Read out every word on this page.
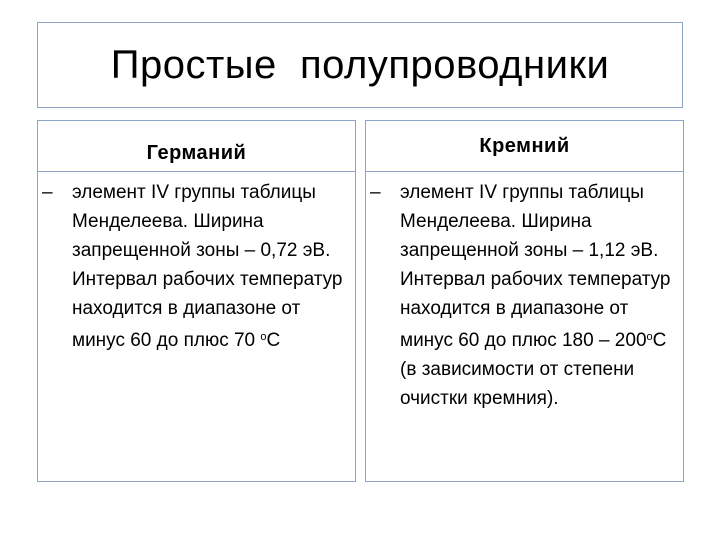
Простые  полупроводники
Германий
– элемент IV группы таблицы Менделеева. Ширина запрещенной зоны – 0,72 эВ. Интервал рабочих температур находится в диапазоне от минус 60 до плюс 70 $^о$С
Кремний
– элемент IV группы таблицы Менделеева. Ширина запрещенной зоны – 1,12 эВ. Интервал рабочих температур находится в диапазоне от минус 60 до плюс $180 - 200^оС$ (в зависимости от степени очистки кремния).
